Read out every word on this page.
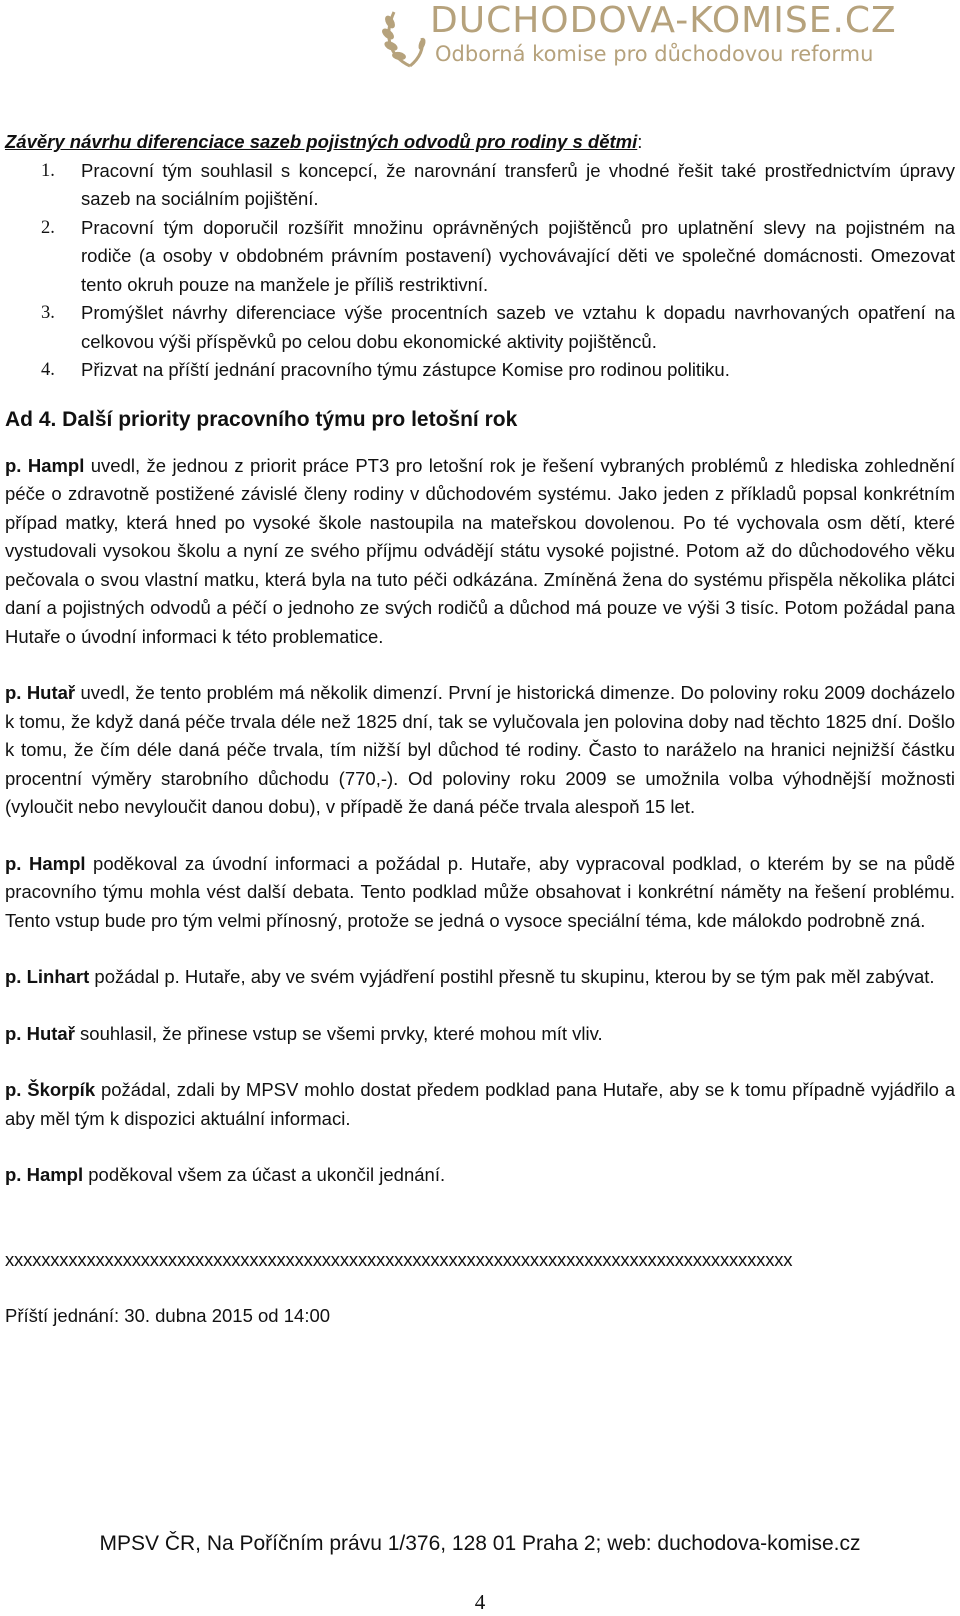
DUCHODOVA-KOMISE.CZ
Odborná komise pro důchodovou reformu

Závěry návrhu diferenciace sazeb pojistných odvodů pro rodiny s dětmi:

1. Pracovní tým souhlasil s koncepcí, že narovnání transferů je vhodné řešit také prostřednictvím úpravy sazeb na sociálním pojištění.
2. Pracovní tým doporučil rozšířit množinu oprávněných pojištěnců pro uplatnění slevy na pojistném na rodiče (a osoby v obdobném právním postavení) vychovávající děti ve společné domácnosti. Omezovat tento okruh pouze na manžele je příliš restriktivní.
3. Promýšlet návrhy diferenciace výše procentních sazeb ve vztahu k dopadu navrhovaných opatření na celkovou výši příspěvků po celou dobu ekonomické aktivity pojištěnců.
4. Přizvat na příští jednání pracovního týmu zástupce Komise pro rodinou politiku.
Ad 4. Další priority pracovního týmu pro letošní rok

p. Hampl uvedl, že jednou z priorit práce PT3 pro letošní rok je řešení vybraných problémů z hlediska zohlednění péče o zdravotně postižené závislé členy rodiny v důchodovém systému. Jako jeden z příkladů popsal konkrétním případ matky, která hned po vysoké škole nastoupila na mateřskou dovolenou. Po té vychovala osm dětí, které vystudovali vysokou školu a nyní ze svého příjmu odvádějí státu vysoké pojistné. Potom až do důchodového věku pečovala o svou vlastní matku, která byla na tuto péči odkázána. Zmíněná žena do systému přispěla několika plátci daní a pojistných odvodů a péčí o jednoho ze svých rodičů a důchod má pouze ve výši 3 tisíc. Potom požádal pana Hutaře o úvodní informaci k této problematice.

p. Hutař uvedl, že tento problém má několik dimenzí. První je historická dimenze. Do poloviny roku 2009 docházelo k tomu, že když daná péče trvala déle než 1825 dní, tak se vylučovala jen polovina doby nad těchto 1825 dní. Došlo k tomu, že čím déle daná péče trvala, tím nižší byl důchod té rodiny. Často to naráželo na hranici nejnižší částku procentní výměry starobního důchodu (770,-). Od poloviny roku 2009 se umožnila volba výhodnější možnosti (vyloučit nebo nevyloučit danou dobu), v případě že daná péče trvala alespoň 15 let.

p. Hampl poděkoval za úvodní informaci a požádal p. Hutaře, aby vypracoval podklad, o kterém by se na půdě pracovního týmu mohla vést další debata. Tento podklad může obsahovat i konkrétní náměty na řešení problému. Tento vstup bude pro tým velmi přínosný, protože se jedná o vysoce speciální téma, kde málokdo podrobně zná.

p. Linhart požádal p. Hutaře, aby ve svém vyjádření postihl přesně tu skupinu, kterou by se tým pak měl zabývat.

p. Hutař souhlasil, že přinese vstup se všemi prvky, které mohou mít vliv.

p. Škorpík požádal, zdali by MPSV mohlo dostat předem podklad pana Hutaře, aby se k tomu případně vyjádřilo a aby měl tým k dispozici aktuální informaci.

p. Hampl poděkoval všem za účast a ukončil jednání.

xxxxxxxxxxxxxxxxxxxxxxxxxxxxxxxxxxxxxxxxxxxxxxxxxxxxxxxxxxxxxxxxxxxxxxxxxxxxxxxxxxxxxxx

Příští jednání: 30. dubna 2015 od 14:00

MPSV ČR, Na Poříčním právu 1/376, 128 01 Praha 2; web: duchodova-komise.cz
4
